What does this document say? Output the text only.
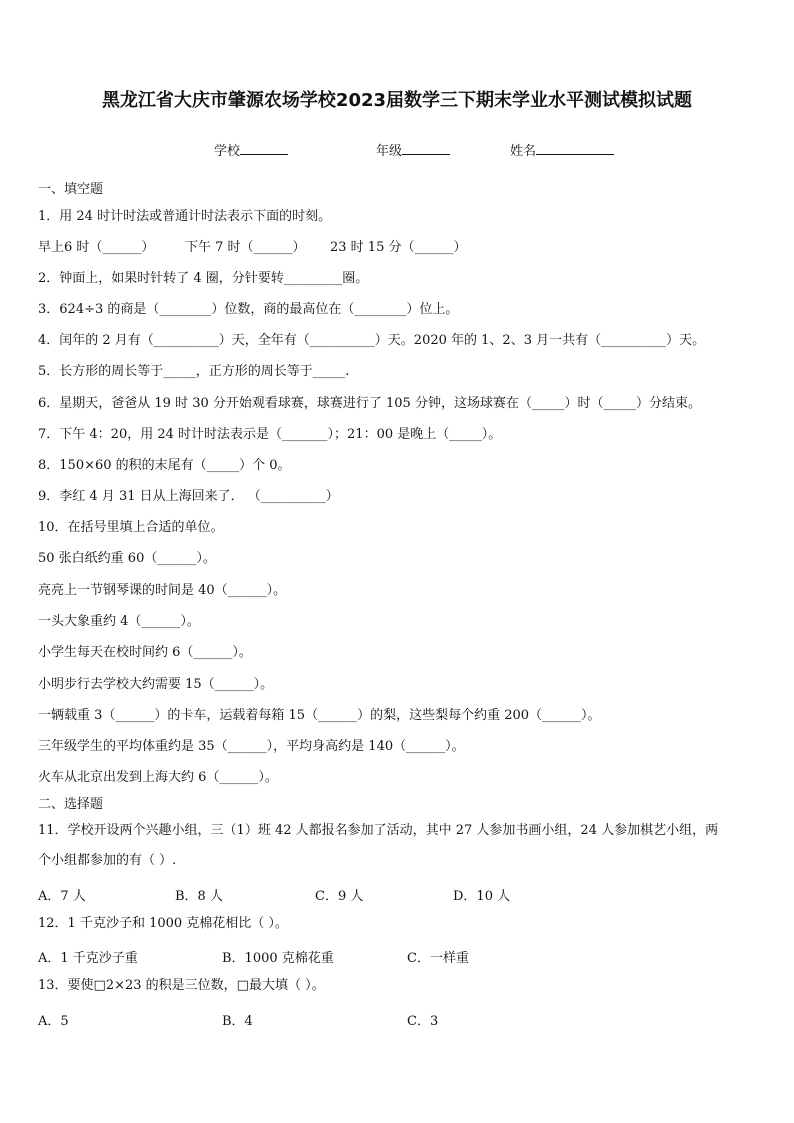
黑龙江省大庆市肇源农场学校2023届数学三下期末学业水平测试模拟试题
学校	年级	姓名
一、填空题
1．用 24 时计时法或普通计时法表示下面的时刻。
早上6 时（______） 下午 7 时（______） 23 时 15 分（______）
2．钟面上，如果时针转了 4 圈，分针要转_________圈。
3．624÷3 的商是（________）位数，商的最高位在（________）位上。
4．闰年的 2 月有（__________）天，全年有（__________）天。2020 年的 1、2、3 月一共有（__________）天。
5．长方形的周长等于_____，正方形的周长等于_____.
6．星期天，爸爸从 19 时 30 分开始观看球赛，球赛进行了 105 分钟，这场球赛在（_____）时（_____）分结束。
7．下午 4：20，用 24 时计时法表示是（_______）；21：00 是晚上（_____）。
8．150×60 的积的末尾有（_____）个 0。
9．李红 4 月 31 日从上海回来了． （__________）
10．在括号里填上合适的单位。
50 张白纸约重 60（______）。
亮亮上一节钢琴课的时间是 40（______）。
一头大象重约 4（______）。
小学生每天在校时间约 6（______）。
小明步行去学校大约需要 15（______）。
一辆载重 3（______）的卡车，运载着每箱 15（______）的梨，这些梨每个约重 200（______）。
三年级学生的平均体重约是 35（______），平均身高约是 140（______）。
火车从北京出发到上海大约 6（______）。
二、选择题
11．学校开设两个兴趣小组，三（1）班 42 人都报名参加了活动，其中 27 人参加书画小组，24 人参加棋艺小组，两
个小组都参加的有（ ）.
A．7 人	B．8 人	C．9 人	D．10 人
12．1 千克沙子和 1000 克棉花相比（ ）。
A．1 千克沙子重	B．1000 克棉花重	C．一样重
13．要使□2×23 的积是三位数，□最大填（ ）。
A．5	B．4	C．3
